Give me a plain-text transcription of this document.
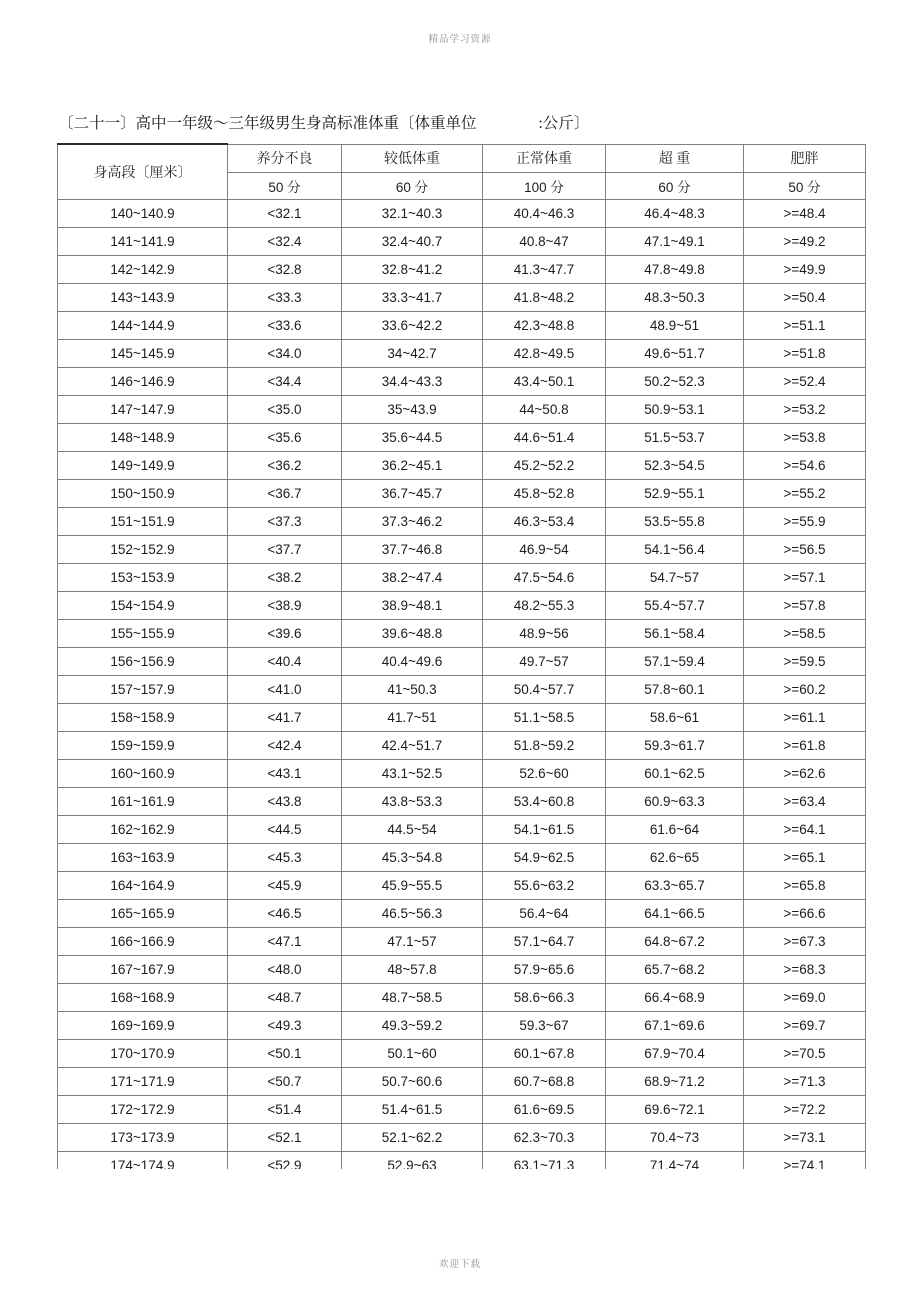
精品学习资源
〔二十一〕高中一年级～三年级男生身高标准体重〔体重单位　　　　:公斤〕
身高段〔厘米〕	养分不良	较低体重	正常体重	超 重	肥胖
	50 分	60 分	100 分	60 分	50 分
140~140.9	<32.1	32.1~40.3	40.4~46.3	46.4~48.3	>=48.4
141~141.9	<32.4	32.4~40.7	40.8~47	47.1~49.1	>=49.2
142~142.9	<32.8	32.8~41.2	41.3~47.7	47.8~49.8	>=49.9
143~143.9	<33.3	33.3~41.7	41.8~48.2	48.3~50.3	>=50.4
144~144.9	<33.6	33.6~42.2	42.3~48.8	48.9~51	>=51.1
145~145.9	<34.0	34~42.7	42.8~49.5	49.6~51.7	>=51.8
146~146.9	<34.4	34.4~43.3	43.4~50.1	50.2~52.3	>=52.4
147~147.9	<35.0	35~43.9	44~50.8	50.9~53.1	>=53.2
148~148.9	<35.6	35.6~44.5	44.6~51.4	51.5~53.7	>=53.8
149~149.9	<36.2	36.2~45.1	45.2~52.2	52.3~54.5	>=54.6
150~150.9	<36.7	36.7~45.7	45.8~52.8	52.9~55.1	>=55.2
151~151.9	<37.3	37.3~46.2	46.3~53.4	53.5~55.8	>=55.9
152~152.9	<37.7	37.7~46.8	46.9~54	54.1~56.4	>=56.5
153~153.9	<38.2	38.2~47.4	47.5~54.6	54.7~57	>=57.1
154~154.9	<38.9	38.9~48.1	48.2~55.3	55.4~57.7	>=57.8
155~155.9	<39.6	39.6~48.8	48.9~56	56.1~58.4	>=58.5
156~156.9	<40.4	40.4~49.6	49.7~57	57.1~59.4	>=59.5
157~157.9	<41.0	41~50.3	50.4~57.7	57.8~60.1	>=60.2
158~158.9	<41.7	41.7~51	51.1~58.5	58.6~61	>=61.1
159~159.9	<42.4	42.4~51.7	51.8~59.2	59.3~61.7	>=61.8
160~160.9	<43.1	43.1~52.5	52.6~60	60.1~62.5	>=62.6
161~161.9	<43.8	43.8~53.3	53.4~60.8	60.9~63.3	>=63.4
162~162.9	<44.5	44.5~54	54.1~61.5	61.6~64	>=64.1
163~163.9	<45.3	45.3~54.8	54.9~62.5	62.6~65	>=65.1
164~164.9	<45.9	45.9~55.5	55.6~63.2	63.3~65.7	>=65.8
165~165.9	<46.5	46.5~56.3	56.4~64	64.1~66.5	>=66.6
166~166.9	<47.1	47.1~57	57.1~64.7	64.8~67.2	>=67.3
167~167.9	<48.0	48~57.8	57.9~65.6	65.7~68.2	>=68.3
168~168.9	<48.7	48.7~58.5	58.6~66.3	66.4~68.9	>=69.0
169~169.9	<49.3	49.3~59.2	59.3~67	67.1~69.6	>=69.7
170~170.9	<50.1	50.1~60	60.1~67.8	67.9~70.4	>=70.5
171~171.9	<50.7	50.7~60.6	60.7~68.8	68.9~71.2	>=71.3
172~172.9	<51.4	51.4~61.5	61.6~69.5	69.6~72.1	>=72.2
173~173.9	<52.1	52.1~62.2	62.3~70.3	70.4~73	>=73.1
174~174.9	<52.9	52.9~63	63.1~71.3	71.4~74	>=74.1
欢迎下载
